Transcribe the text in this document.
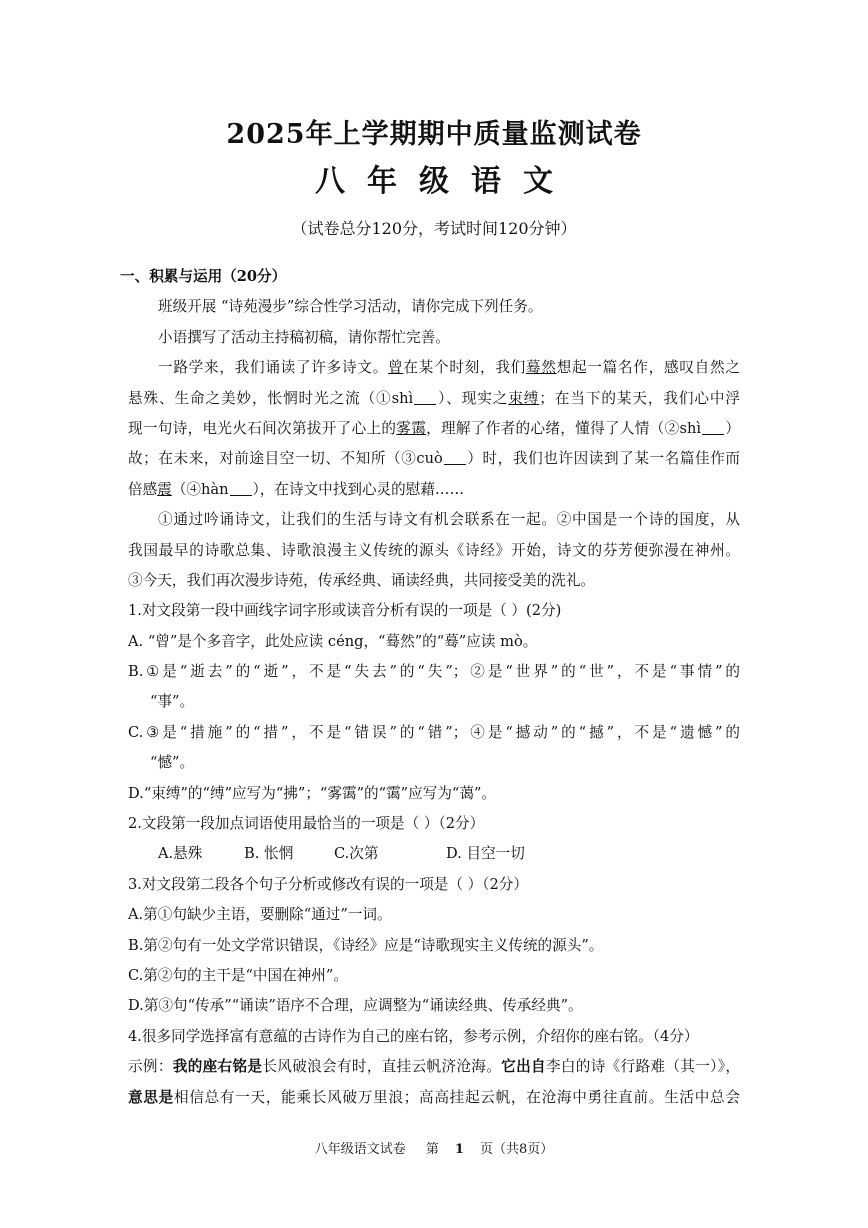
2025年上学期期中质量监测试卷
八年级语文
（试卷总分120分，考试时间120分钟）
一、积累与运用（20分）
班级开展 “诗苑漫步”综合性学习活动，请你完成下列任务。
小语撰写了活动主持稿初稿，请你帮忙完善。
一路学来，我们诵读了许多诗文。曾在某个时刻，我们蓦然想起一篇名作，感叹自然之
悬殊、生命之美妙，怅惘时光之流（①shì ）、现实之束缚；在当下的某天，我们心中浮
现一句诗，电光火石间次第拔开了心上的雾霭，理解了作者的心绪，懂得了人情（②shì ）
故；在未来，对前途目空一切、不知所（③cuò ）时，我们也许因读到了某一名篇佳作而
倍感震（④hàn ），在诗文中找到心灵的慰藉……
①通过吟诵诗文，让我们的生活与诗文有机会联系在一起。②中国是一个诗的国度，从
我国最早的诗歌总集、诗歌浪漫主义传统的源头《诗经》开始，诗文的芬芳便弥漫在神州。
③今天，我们再次漫步诗苑，传承经典、诵读经典，共同接受美的洗礼。
1.对文段第一段中画线字词字形或读音分析有误的一项是（ ）(2分)
A. “曾”是个多音字，此处应读 céng，“蓦然”的“蓦”应读 mò。
B.①是“逝去”的“逝”，不是“失去”的“失”；②是“世界”的“世”，不是“事情”的
“事”。
C.③是“措施”的“措”，不是“错误”的“错”；④是“撼动”的“撼”，不是“遗憾”的
“憾”。
D.“束缚”的“缚”应写为“拂”；“雾霭”的“霭”应写为“蔼”。
2.文段第一段加点词语使用最恰当的一项是（ ）（2分）
A.悬殊	B. 怅惘	C.次第	D. 目空一切
3.对文段第二段各个句子分析或修改有误的一项是（ ）（2分）
A.第①句缺少主语，要删除“通过”一词。
B.第②句有一处文学常识错误，《诗经》应是“诗歌现实主义传统的源头”。
C.第②句的主干是“中国在神州”。
D.第③句“传承”“诵读”语序不合理，应调整为“诵读经典、传承经典”。
4.很多同学选择富有意蕴的古诗作为自己的座右铭，参考示例，介绍你的座右铭。（4分）
示例：我的座右铭是长风破浪会有时，直挂云帆济沧海。它出自李白的诗《行路难（其一）》，
意思是相信总有一天，能乘长风破万里浪；高高挂起云帆，在沧海中勇往直前。生活中总会
八年级语文试卷 第 1 页（共8页）
